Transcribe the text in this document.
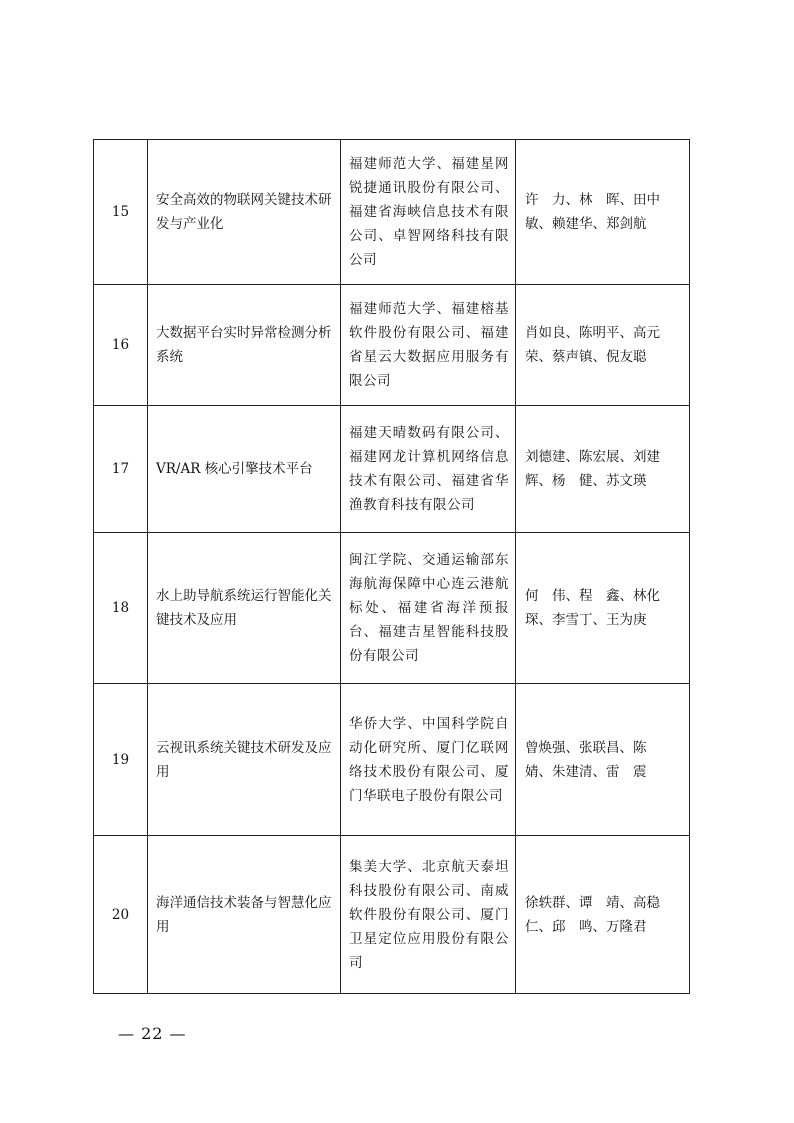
15	安全高效的物联网关键技术研发与产业化	福建师范大学、福建星网锐捷通讯股份有限公司、福建省海峡信息技术有限公司、卓智网络科技有限公司	许　力、林　晖、田中敏、赖建华、郑剑航
16	大数据平台实时异常检测分析系统	福建师范大学、福建榕基软件股份有限公司、福建省星云大数据应用服务有限公司	肖如良、陈明平、高元荣、蔡声镇、倪友聪
17	VR/AR 核心引擎技术平台	福建天晴数码有限公司、福建网龙计算机网络信息技术有限公司、福建省华渔教育科技有限公司	刘德建、陈宏展、刘建辉、杨　健、苏文瑛
18	水上助导航系统运行智能化关键技术及应用	闽江学院、交通运输部东海航海保障中心连云港航标处、福建省海洋预报台、福建吉星智能科技股份有限公司	何　伟、程　鑫、林化琛、李雪丁、王为庚
19	云视讯系统关键技术研发及应用	华侨大学、中国科学院自动化研究所、厦门亿联网络技术股份有限公司、厦门华联电子股份有限公司	曾焕强、张联昌、陈　婧、朱建清、雷　震
20	海洋通信技术装备与智慧化应用	集美大学、北京航天泰坦科技股份有限公司、南威软件股份有限公司、厦门卫星定位应用股份有限公司	徐轶群、谭　靖、高稳仁、邱　鸣、万隆君
— 22 —
